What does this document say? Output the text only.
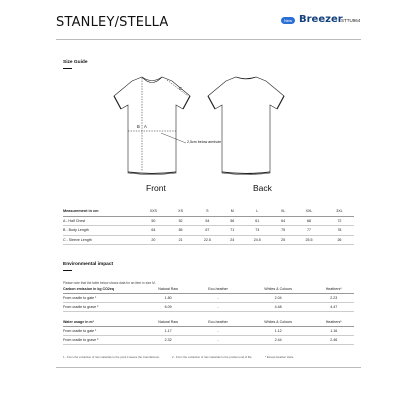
STANLEY/STELLA	New Breezer
STTU964
Size Guide
A
B
C
2,5cm below armhole
Front	Back
Measurement in cm	XXS	XS	S	M	L	XL	XXL	3XL
A - Half Chest	50	52	54	56	61	64	68	72
B - Body Length	64	65	67	71	73	75	77	78
C - Sleeve Length	20	21	22.5	24	24.5	25	25.5	26
Environmental impact
Please note that the table below shows data for an item in size M.
Carbon emission in kg CO2eq	Natural Raw	Eco-heather	Whites & Colours	Heathers*
From cradle to gate ¹	1.80	-	2.04	2.23
From cradle to grave ²	6.09	-	4.48	4.47
Water usage in m³	Natural Raw	Eco-heather	Whites & Colours	Heathers*
From cradle to gate ¹	1.17	-	1.12	1.16
From cradle to grave ²	2.32	-	2.44	2.46
1 - From the extraction of raw materials to the point it leaves the manufacturer.	2 - From the extraction of raw materials to the product end of life.	* Except Heather Haze
